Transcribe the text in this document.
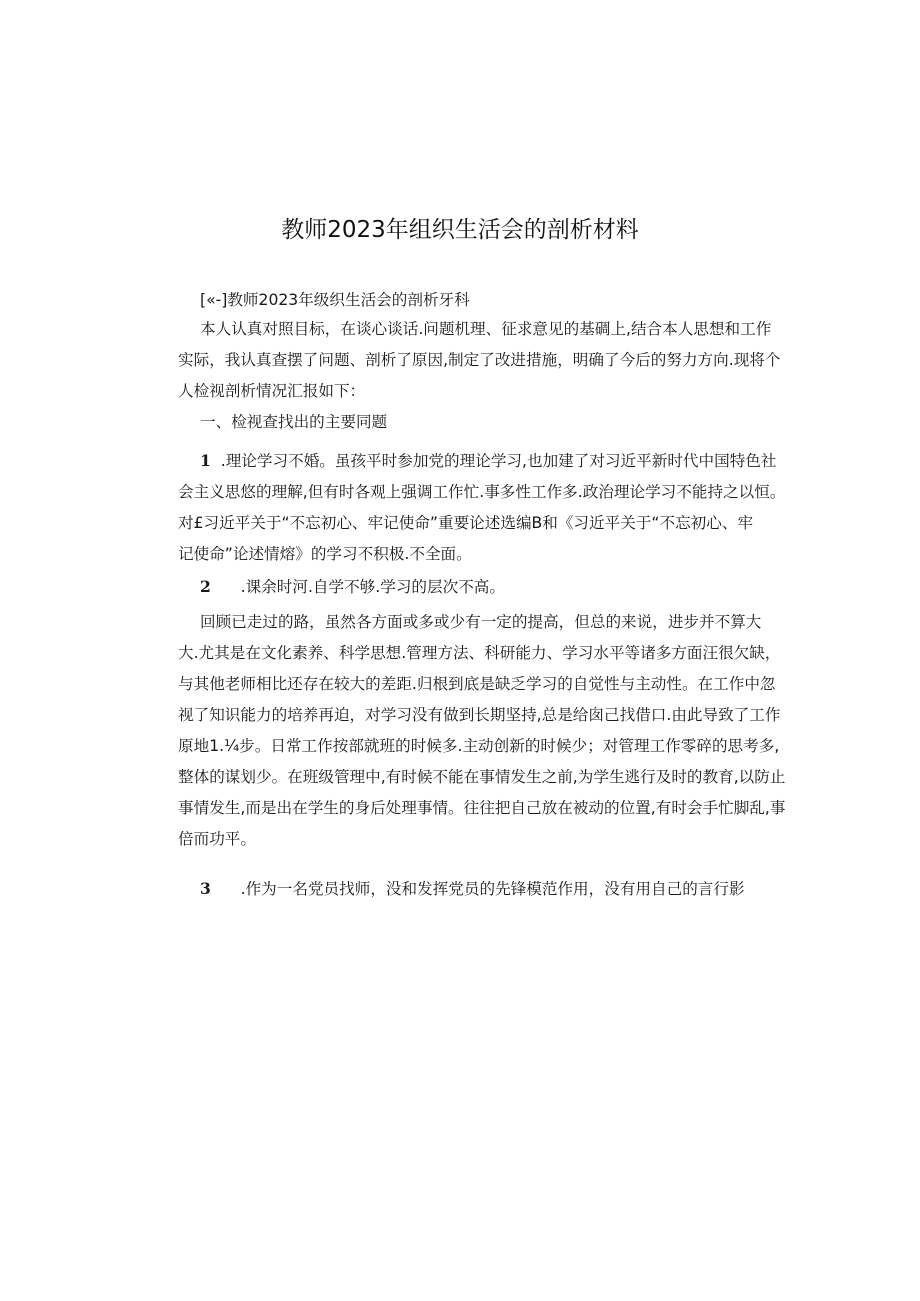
教师2023年组织生活会的剖析材料

[«-]教师2023年级织生活会的剖析牙科

本人认真对照目标，在谈心谈话.问题机理、征求意见的基碉上,结合本人思想和工作
实际，我认真查摆了问题、剖析了原因,制定了改进措施，明确了今后的努力方向.现将个
人检视剖析情况汇报如下：

一、检视查找出的主要同题

1 .理论学习不婚。虽孩平时参加党的理论学习,也加建了对习近平新时代中国特色社
会主义思悠的理解,但有时各观上强调工作忙.事多性工作多.政治理论学习不能持之以恒。
对£习近平关于“不忘初心、牢记使命”重要论述选编B和《习近平关于“不忘初心、牢
记使命”论述情熔》的学习不积极.不全面。

2 .课余时河.自学不够.学习的层次不高。

回顾已走过的路，虽然各方面或多或少有一定的提高，但总的来说，进步并不算大
大.尤其是在文化素养、科学思想.管理方法、科研能力、学习水平等诸多方面汪很欠缺，
与其他老师相比还存在较大的差距.归根到底是缺乏学习的自觉性与主动性。在工作中忽
视了知识能力的培养再迫，对学习没有做到长期坚持,总是给囱己找借口.由此导致了工作
原地1.¼步。日常工作按部就班的时候多.主动创新的时候少；对管理工作零碎的思考多,
整体的谋划少。在班级管理中,有时候不能在事情发生之前,为学生逃行及时的教育,以防止
事情发生,而是出在学生的身后处理事情。往往把自己放在被动的位置,有时会手忙脚乱,事
倍而功平。

3 .作为一名党员找师，没和发挥党员的先锋模范作用，没有用自己的言行影
